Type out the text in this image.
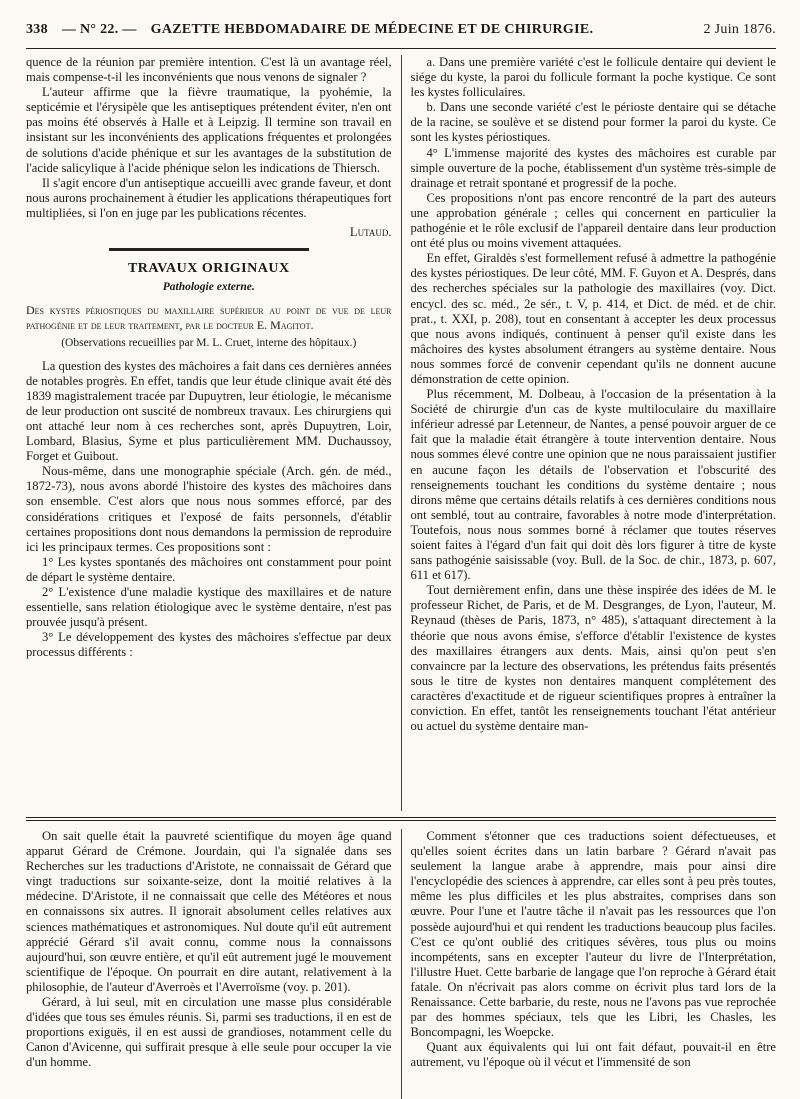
338 — N° 22. — GAZETTE HEBDOMADAIRE DE MÉDECINE ET DE CHIRURGIE.	2 Juin 1876.

quence de la réunion par première intention. C'est là un avantage réel, mais compense-t-il les inconvénients que nous venons de signaler ?

L'auteur affirme que la fièvre traumatique, la pyohémie, la septicémie et l'érysipèle que les antiseptiques prétendent éviter, n'en ont pas moins été observés à Halle et à Leipzig. Il termine son travail en insistant sur les inconvénients des applications fréquentes et prolongées de solutions d'acide phénique et sur les avantages de la substitution de l'acide salicylique à l'acide phénique selon les indications de Thiersch.

Il s'agit encore d'un antiseptique accueilli avec grande faveur, et dont nous aurons prochainement à étudier les applications thérapeutiques fort multipliées, si l'on en juge par les publications récentes.

Lutaud.

TRAVAUX ORIGINAUX
Pathologie externe.

Des kystes périostiques du maxillaire supérieur au point de vue de leur pathogénie et de leur traitement, par le docteur E. Magitot.

(Observations recueillies par M. L. Cruet, interne des hôpitaux.)

La question des kystes des mâchoires a fait dans ces dernières années de notables progrès. En effet, tandis que leur étude clinique avait été dès 1839 magistralement tracée par Dupuytren, leur étiologie, le mécanisme de leur production ont suscité de nombreux travaux. Les chirurgiens qui ont attaché leur nom à ces recherches sont, après Dupuytren, Loir, Lombard, Blasius, Syme et plus particulièrement MM. Duchaussoy, Forget et Guibout.

Nous-même, dans une monographie spéciale (Arch. gén. de méd., 1872-73), nous avons abordé l'histoire des kystes des mâchoires dans son ensemble. C'est alors que nous nous sommes efforcé, par des considérations critiques et l'exposé de faits personnels, d'établir certaines propositions dont nous demandons la permission de reproduire ici les principaux termes. Ces propositions sont :

1° Les kystes spontanés des mâchoires ont constamment pour point de départ le système dentaire.

2° L'existence d'une maladie kystique des maxillaires et de nature essentielle, sans relation étiologique avec le système dentaire, n'est pas prouvée jusqu'à présent.

3° Le développement des kystes des mâchoires s'effectue par deux processus différents :

a. Dans une première variété c'est le follicule dentaire qui devient le siége du kyste, la paroi du follicule formant la poche kystique. Ce sont les kystes folliculaires.

b. Dans une seconde variété c'est le périoste dentaire qui se détache de la racine, se soulève et se distend pour former la paroi du kyste. Ce sont les kystes périostiques.

4° L'immense majorité des kystes des mâchoires est curable par simple ouverture de la poche, établissement d'un système très-simple de drainage et retrait spontané et progressif de la poche.

Ces propositions n'ont pas encore rencontré de la part des auteurs une approbation générale ; celles qui concernent en particulier la pathogénie et le rôle exclusif de l'appareil dentaire dans leur production ont été plus ou moins vivement attaquées.

En effet, Giraldès s'est formellement refusé à admettre la pathogénie des kystes périostiques. De leur côté, MM. F. Guyon et A. Després, dans des recherches spéciales sur la pathologie des maxillaires (voy. Dict. encycl. des sc. méd., 2e sér., t. V, p. 414, et Dict. de méd. et de chir. prat., t. XXI, p. 208), tout en consentant à accepter les deux processus que nous avons indiqués, continuent à penser qu'il existe dans les mâchoires des kystes absolument étrangers au système dentaire. Nous nous sommes forcé de convenir cependant qu'ils ne donnent aucune démonstration de cette opinion.

Plus récemment, M. Dolbeau, à l'occasion de la présentation à la Société de chirurgie d'un cas de kyste multiloculaire du maxillaire inférieur adressé par Letenneur, de Nantes, a pensé pouvoir arguer de ce fait que la maladie était étrangère à toute intervention dentaire. Nous nous sommes élevé contre une opinion que ne nous paraissaient justifier en aucune façon les détails de l'observation et l'obscurité des renseignements touchant les conditions du système dentaire ; nous dirons même que certains détails relatifs à ces dernières conditions nous ont semblé, tout au contraire, favorables à notre mode d'interprétation. Toutefois, nous nous sommes borné à réclamer que toutes réserves soient faites à l'égard d'un fait qui doit dès lors figurer à titre de kyste sans pathogénie saisissable (voy. Bull. de la Soc. de chir., 1873, p. 607, 611 et 617).

Tout dernièrement enfin, dans une thèse inspirée des idées de M. le professeur Richet, de Paris, et de M. Desgranges, de Lyon, l'auteur, M. Reynaud (thèses de Paris, 1873, n° 485), s'attaquant directement à la théorie que nous avons émise, s'efforce d'établir l'existence de kystes des maxillaires étrangers aux dents. Mais, ainsi qu'on peut s'en convaincre par la lecture des observations, les prétendus faits présentés sous le titre de kystes non dentaires manquent complétement des caractères d'exactitude et de rigueur scientifiques propres à entraîner la conviction. En effet, tantôt les renseignements touchant l'état antérieur ou actuel du système dentaire man-

On sait quelle était la pauvreté scientifique du moyen âge quand apparut Gérard de Crémone. Jourdain, qui l'a signalée dans ses Recherches sur les traductions d'Aristote, ne connaissait de Gérard que vingt traductions sur soixante-seize, dont la moitié relatives à la médecine. D'Aristote, il ne connaissait que celle des Météores et nous en connaissons six autres. Il ignorait absolument celles relatives aux sciences mathématiques et astronomiques. Nul doute qu'il eût autrement apprécié Gérard s'il avait connu, comme nous la connaissons aujourd'hui, son œuvre entière, et qu'il eût autrement jugé le mouvement scientifique de l'époque. On pourrait en dire autant, relativement à la philosophie, de l'auteur d'Averroès et l'Averroïsme (voy. p. 201).

Gérard, à lui seul, mit en circulation une masse plus considérable d'idées que tous ses émules réunis. Si, parmi ses traductions, il en est de proportions exiguës, il en est aussi de grandioses, notamment celle du Canon d'Avicenne, qui suffirait presque à elle seule pour occuper la vie d'un homme.

Comment s'étonner que ces traductions soient défectueuses, et qu'elles soient écrites dans un latin barbare ? Gérard n'avait pas seulement la langue arabe à apprendre, mais pour ainsi dire l'encyclopédie des sciences à apprendre, car elles sont à peu près toutes, même les plus difficiles et les plus abstraites, comprises dans son œuvre. Pour l'une et l'autre tâche il n'avait pas les ressources que l'on possède aujourd'hui et qui rendent les traductions beaucoup plus faciles. C'est ce qu'ont oublié des critiques sévères, tous plus ou moins incompétents, sans en excepter l'auteur du livre de l'Interprétation, l'illustre Huet. Cette barbarie de langage que l'on reproche à Gérard était fatale. On n'écrivait pas alors comme on écrivit plus tard lors de la Renaissance. Cette barbarie, du reste, nous ne l'avons pas vue reprochée par des hommes spéciaux, tels que les Libri, les Chasles, les Boncompagni, les Woepcke.

Quant aux équivalents qui lui ont fait défaut, pouvait-il en être autrement, vu l'époque où il vécut et l'immensité de son
